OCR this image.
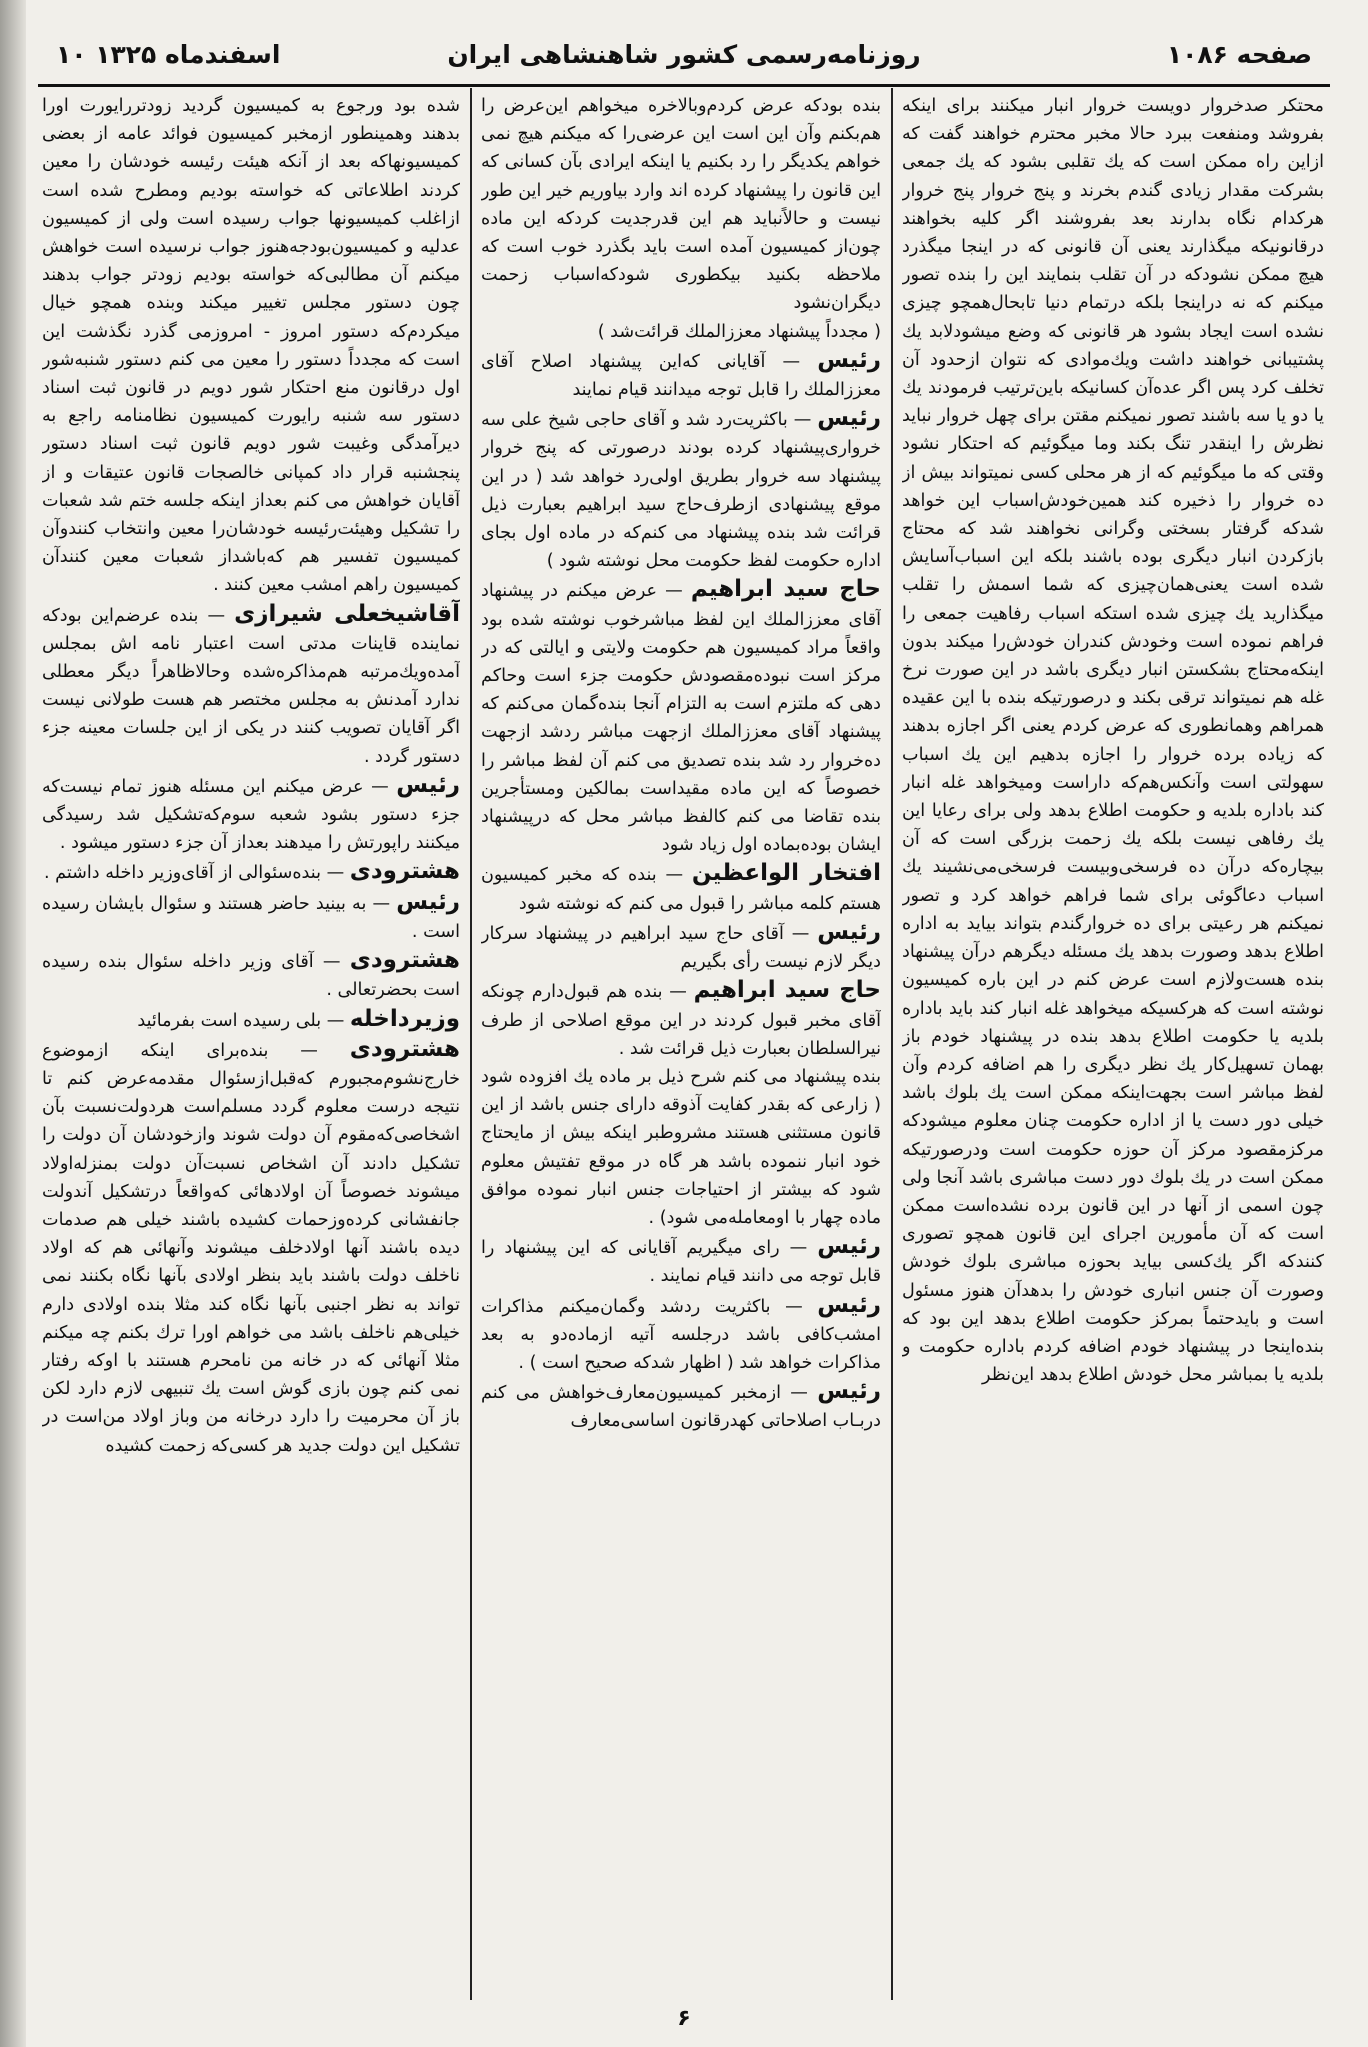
۱۰ اسفندماه ۱۳۲۵	روزنامه‌رسمی کشور شاهنشاهی ایران	صفحه ۱۰۸۶

شده بود ورجوع به کمیسیون گردید زودتررایورت اورا بدهند وهمینطور ازمخبر کمیسیون فوائد عامه از بعضی کمیسیونهاکه بعد از آنکه هیئت رئیسه خودشان را معین کردند اطلاعاتی که خواسته بودیم ومطرح شده است ازاغلب کمیسیونها جواب رسیده است ولی از کمیسیون عدلیه و کمیسیون‌بودجه‌هنوز جواب نرسیده است خواهش میکنم آن مطالبی‌که خواسته بودیم زودتر جواب بدهند چون دستور مجلس تغییر میکند وبنده همچو خیال میکردم‌که دستور امروز - امروزمی گذرد نگذشت این است که مجدداً دستور را معین می کنم دستور شنبه‌شور اول درقانون منع احتکار شور دویم در قانون ثبت اسناد دستور سه شنبه رایورت کمیسیون نظامنامه راجع به دیرآمدگی وغیبت شور دویم قانون ثبت اسناد دستور پنجشنبه قرار داد کمپانی خالصجات قانون عتیقات و از آقایان خواهش می کنم بعداز اینکه جلسه ختم شد شعبات را تشکیل وهیئت‌رئیسه خودشان‌را معین وانتخاب کنندوآن کمیسیون تفسیر هم که‌باشداز شعبات معین کنندآن کمیسیون راهم امشب معین کنند .

آقاشیخعلی شیرازی — بنده عرضم‌این بودکه نماینده قاینات مدتی است اعتبار نامه اش بمجلس آمده‌ویك‌مرتبه هم‌مذاکره‌شده وحالاظاهراً دیگر معطلی ندارد آمدنش به مجلس مختصر هم هست طولانی نیست اگر آقایان تصویب کنند در یکی از این جلسات معینه جزء دستور گردد .

رئیس — عرض میکنم این مسئله هنوز تمام نیست‌که جزء دستور بشود شعبه سوم‌که‌تشکیل شد رسیدگی میکنند راپورتش را میدهند بعداز آن جزء دستور میشود .

هشترودی — بنده‌سئوالی از آقای‌وزیر داخله داشتم .

رئیس — به بینید حاضر هستند و سئوال بایشان رسیده است .

هشترودی — آقای وزیر داخله سئوال بنده رسیده است بحضرتعالی .

وزیرداخله — بلی رسیده است بفرمائید

هشترودی — بنده‌برای اینکه ازموضوع خارج‌نشوم‌مجبورم که‌قبل‌ازسئوال مقدمه‌عرض کنم تا نتیجه درست معلوم گردد مسلم‌است هردولت‌نسبت بآن اشخاصی‌که‌مقوم آن دولت شوند وازخودشان آن دولت را تشکیل دادند آن اشخاص نسبت‌آن دولت بمنزله‌اولاد میشوند خصوصاً آن اولادهائی که‌واقعاً درتشکیل آندولت جانفشانی کرده‌وزحمات کشیده باشند خیلی هم صدمات دیده باشند آنها اولادخلف میشوند وآنهائی هم که اولاد ناخلف دولت باشند باید بنظر اولادی بآنها نگاه بکنند نمی تواند به نظر اجنبی بآنها نگاه کند مثلا بنده اولادی دارم خیلی‌هم ناخلف باشد می خواهم اورا ترك بکنم چه میکنم مثلا آنهائی که در خانه من نامحرم هستند با اوکه رفتار نمی کنم چون بازی گوش است یك تنبیهی لازم دارد لکن باز آن محرمیت را دارد درخانه من وباز اولاد من‌است در تشکیل این دولت جدید هر کسی‌که زحمت کشیده

بنده بودکه عرض کردم‌وبالاخره میخواهم این‌عرض را هم‌بکنم وآن این است این عرضی‌را که میکنم هیچ نمی خواهم یکدیگر را رد بکنیم یا اینکه ایرادی بآن کسانی که این قانون را پیشنهاد کرده اند وارد بیاوریم خیر این طور نیست و حالاًنباید هم این قدرجدیت کردکه این ماده چون‌از کمیسیون آمده است باید بگذرد خوب است که ملاحظه بکنید بیکطوری شودکه‌اسباب زحمت دیگران‌نشود

( مجدداً پیشنهاد معزز‌الملك قرائت‌شد )

رئیس — آقایانی که‌این پیشنهاد اصلاح آقای معزز‌الملك را قابل توجه میدانند قیام نمایند

رئیس — باکثریت‌رد شد و آقای حاجی شیخ علی سه خرواری‌پیشنهاد کرده بودند درصورتی که پنج خروار پیشنهاد سه خروار بطریق اولی‌رد خواهد شد ( در این موقع پیشنهادی ازطرف‌حاج سید ابراهیم بعبارت ذیل قرائت شد بنده پیشنهاد می کنم‌که در ماده اول بجای اداره حکومت لفظ حکومت محل نوشته شود )

حاج سید ابراهیم — عرض میکنم در پیشنهاد آقای معزز‌الملك این لفظ مباشرخوب نوشته شده بود واقعاً مراد کمیسیون هم حکومت ولایتی و ایالتی که در مرکز است نبوده‌مقصودش حکومت جزء است وحاکم دهی که ملتزم است به التزام آنجا بنده‌گمان می‌کنم که پیشنهاد آقای معزز‌الملك ازجهت مباشر ردشد ازجهت ده‌خروار رد شد بنده تصدیق می کنم آن لفظ مباشر را خصوصاً که این ماده مقیداست بمالکین ومستأجرین بنده تقاضا می کنم کالفظ مباشر محل که درپیشنهاد ایشان بوده‌بماده اول زیاد شود

افتخار الواعظین — بنده که مخبر کمیسیون هستم کلمه مباشر را قبول می کنم که نوشته شود

رئیس — آقای حاج سید ابراهیم در پیشنهاد سرکار دیگر لازم نیست رأی بگیریم

حاج سید ابراهیم — بنده هم قبول‌دارم چونکه آقای مخبر قبول کردند در این موقع اصلاحی از طرف نیرالسلطان بعبارت ذیل قرائت شد .

بنده پیشنهاد می کنم شرح ذیل بر ماده یك افزوده شود ( زارعی که بقدر کفایت آذوقه دارای جنس باشد از این قانون مستثنی هستند مشروطبر اینکه بیش از مایحتاج خود انبار ننموده باشد هر گاه در موقع تفتیش معلوم شود که بیشتر از احتیاجات جنس انبار نموده موافق ماده چهار با اومعامله‌می شود) .

رئیس — رای میگیریم آقایانی که این پیشنهاد را قابل توجه می دانند قیام نمایند .

رئیس — باکثریت ردشد وگمان‌میکنم مذاکرات امشب‌کافی باشد درجلسه آتیه ازماده‌دو به بعد مذاکرات خواهد شد ( اظهار شدکه صحیح است ) .

رئیس — ازمخبر کمیسیون‌معارف‌خواهش می کنم دربـاب اصلاحاتی کهدرقانون اساسی‌معارف

محتکر صدخروار دویست خروار انبار میکنند برای اینکه بفروشد ومنفعت ببرد حالا مخبر محترم خواهند گفت که ازاین راه ممکن است که یك تقلبی بشود که یك جمعی بشرکت مقدار زیادی گندم بخرند و پنج خروار پنج خروار هرکدام نگاه بدارند بعد بفروشند اگر کلیه بخواهند درقانونیکه میگذارند یعنی آن قانونی که در اینجا میگذرد هیچ ممکن نشودکه در آن تقلب بنمایند این را بنده تصور میکنم که نه دراینجا بلکه درتمام دنیا تابحال‌همچو چیزی نشده است ایجاد بشود هر قانونی که وضع میشودلابد یك پشتیبانی خواهند داشت ویك‌موادی که نتوان ازحدود آن تخلف کرد پس اگر عده‌آن کسانیکه باین‌ترتیب فرمودند یك یا دو یا سه باشند تصور نمیکنم مقتن برای چهل خروار نباید نظرش را اینقدر تنگ بکند وما میگوئیم که احتکار نشود وقتی که ما میگوئیم که از هر محلی کسی نمیتواند بیش از ده خروار را ذخیره کند همین‌خودش‌اسباب این خواهد شدکه گرفتار بسختی وگرانی نخواهند شد که محتاج بازکردن انبار دیگری بوده باشند بلکه این اسباب‌آسایش شده است یعنی‌همان‌چیزی که شما اسمش را تقلب میگذارید یك چیزی شده استکه اسباب رفاهیت جمعی را فراهم نموده است وخودش کندران خودش‌را میکند بدون اینکه‌محتاج بشکستن انبار دیگری باشد در این صورت نرخ غله هم نمیتواند ترقی بکند و درصورتیکه بنده با این عقیده همراهم وهمانطوری که عرض کردم یعنی اگر اجازه بدهند که زیاده برده خروار را اجازه بدهیم این یك اسباب سهولتی است وآنکس‌هم‌که داراست ومیخواهد غله انبار کند باداره بلدیه و حکومت اطلاع بدهد ولی برای رعایا این یك رفاهی نیست بلکه یك زحمت بزرگی است که آن بیچاره‌که درآن ده فرسخی‌وبیست فرسخی‌می‌نشیند یك اسباب دعاگوئی برای شما فراهم خواهد کرد و تصور نمیکنم هر رعیتی برای ده خروارگندم بتواند بیاید به اداره اطلاع بدهد وصورت بدهد یك مسئله دیگرهم درآن پیشنهاد بنده هست‌ولازم است عرض کنم در این باره کمیسیون نوشته است که هرکسیکه میخواهد غله انبار کند باید باداره بلدیه یا حکومت اطلاع بدهد بنده در پیشنهاد خودم باز بهمان تسهیل‌کار یك نظر دیگری را هم اضافه کردم وآن لفظ مباشر است بجهت‌اینکه ممکن است یك بلوك باشد خیلی دور دست یا از اداره حکومت چنان معلوم میشودکه مرکزمقصود مرکز آن حوزه حکومت است ودرصورتیکه ممکن است در یك بلوك دور دست مباشری باشد آنجا ولی چون اسمی از آنها در این قانون برده نشده‌است ممکن است که آن مأمورین اجرای این قانون همچو تصوری کنندکه اگر یك‌کسی بیاید بحوزه مباشری بلوك خودش وصورت آن جنس انباری خودش را بدهدآن هنوز مسئول است و بایدحتماً بمرکز حکومت اطلاع بدهد این بود که بنده‌اینجا در پیشنهاد خودم اضافه کردم باداره حکومت و بلدیه یا بمباشر محل خودش اطلاع بدهد این‌نظر

۶
